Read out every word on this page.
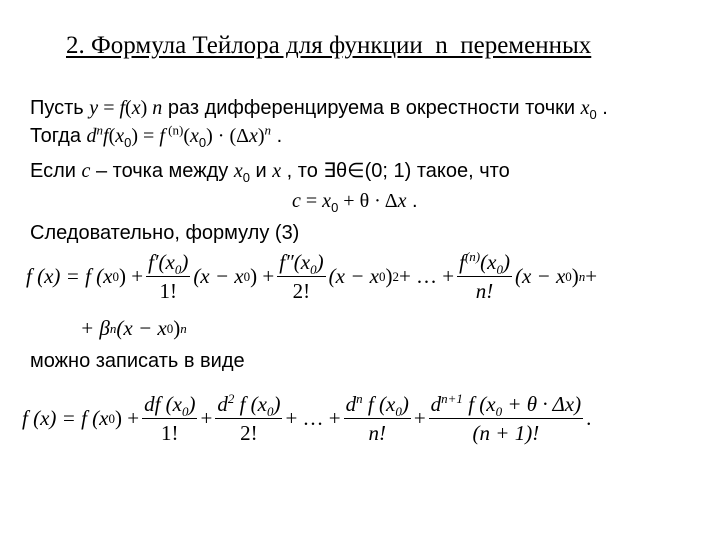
2. Формула Тейлора для функции  n  переменных
Пусть y = f(x) n раз дифференцируема в окрестности точки $x_0$ .
Тогда $d^nf(x_0) = f$ $^{(n)}(x_0) \cdot (\Delta x)^n$ .
Если c – точка между $x_0$ и x , то ∃θ∈(0; 1) такое, что
$c = x_0 + \theta \cdot \Delta x$ .
Следовательно, формулу (3)
f (x) = f (x 0 ) + $\frac{f'(x_0)}{1!} (x - x$ 0 ) + $\frac{f''(x_0)}{2!} (x - x$ 0 ) 2 + … + $\frac{f^{(n)}(x_0)}{n!} (x - x$ 0 ) n +
+ β n (x − x 0 ) n
можно записать в виде
f (x) = f (x 0 ) + $\frac{df (x_0)}{1!} + \frac{d^2 f (x_0)}{2!}$ + … + $\frac{d^n f (x_0)}{n!} + \frac{d^{n+1} f (x_0 + \theta \cdot \Delta x)}{(n + 1)!}$ .
